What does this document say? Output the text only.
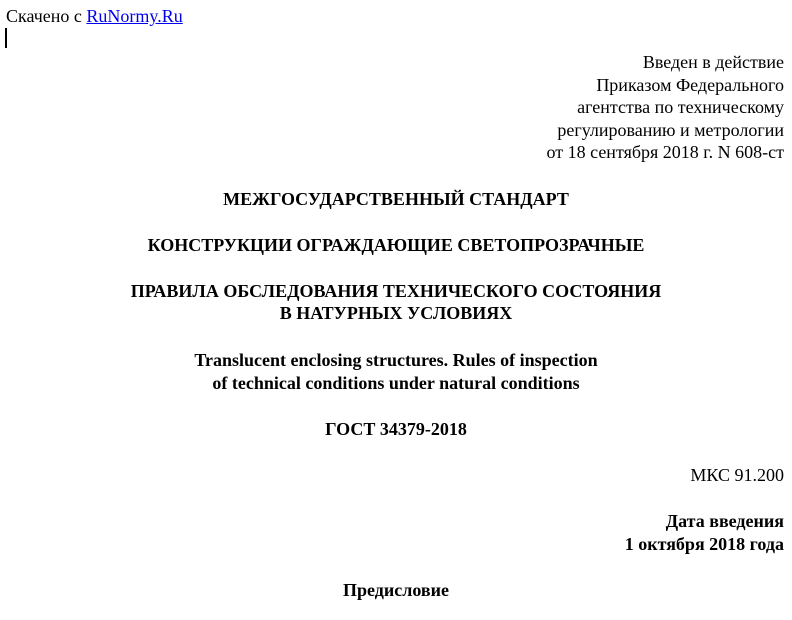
Скачено с RuNormy.Ru
Введен в действие
Приказом Федерального
агентства по техническому
регулированию и метрологии
от 18 сентября 2018 г. N 608-ст
МЕЖГОСУДАРСТВЕННЫЙ СТАНДАРТ
КОНСТРУКЦИИ ОГРАЖДАЮЩИЕ СВЕТОПРОЗРАЧНЫЕ
ПРАВИЛА ОБСЛЕДОВАНИЯ ТЕХНИЧЕСКОГО СОСТОЯНИЯ
В НАТУРНЫХ УСЛОВИЯХ
Translucent enclosing structures. Rules of inspection
of technical conditions under natural conditions
ГОСТ 34379-2018
МКС 91.200
Дата введения
1 октября 2018 года
Предисловие
